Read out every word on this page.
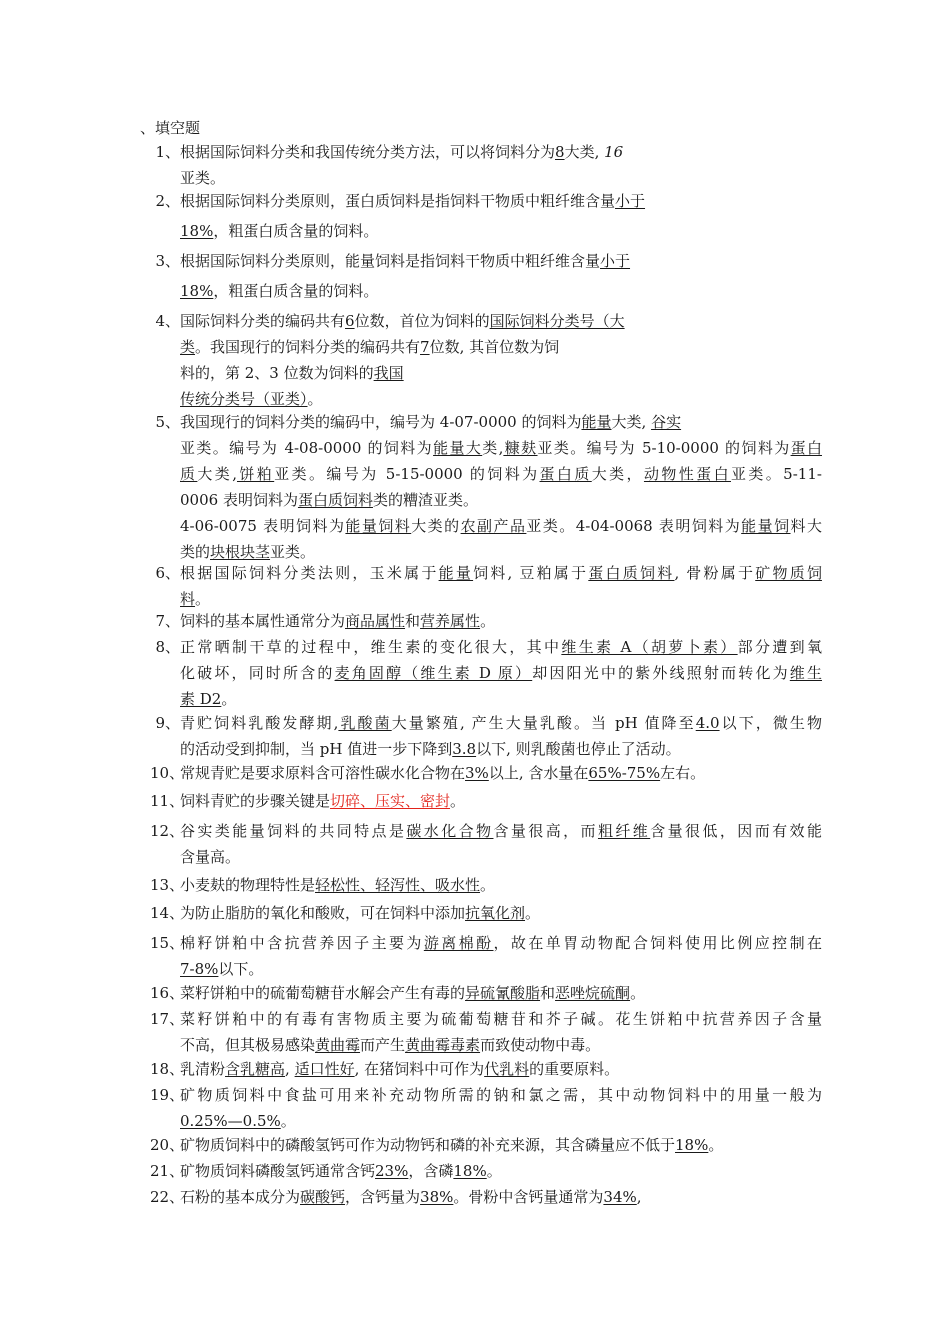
、填空题
1、 根据国际饲料分类和我国传统分类方法，可以将饲料分为8大类, 16
亚类。
2、 根据国际饲料分类原则，蛋白质饲料是指饲料干物质中粗纤维含量小于
18%，粗蛋白质含量的饲料。
3、 根据国际饲料分类原则，能量饲料是指饲料干物质中粗纤维含量小于
18%，粗蛋白质含量的饲料。
4、 国际饲料分类的编码共有6位数，首位为饲料的国际饲料分类号（大
类。我国现行的饲料分类的编码共有7位数, 其首位数为饲
料的，第 2、3 位数为饲料的我国
传统分类号（亚类）。
5、 我国现行的饲料分类的编码中，编号为 4-07-0000 的饲料为能量大类, 谷实
亚类。编号为 4-08-0000 的饲料为能量大类,糠麸亚类。编号为 5-10-0000 的饲料为蛋白
质大类,饼粕亚类。编号为 5-15-0000 的饲料为蛋白质大类，动物性蛋白亚类。5-11-
0006 表明饲料为蛋白质饲料类的糟渣亚类。
4-06-0075 表明饲料为能量饲料大类的农副产品亚类。4-04-0068 表明饲料为能量饲料大
类的块根块茎亚类。
6、 根据国际饲料分类法则，玉米属于能量饲料, 豆粕属于蛋白质饲料, 骨粉属于矿物质饲
料。
7、 饲料的基本属性通常分为商品属性和营养属性。
8、 正常晒制干草的过程中，维生素的变化很大，其中维生素 A（胡萝卜素）部分遭到氧
化破坏，同时所含的麦角固醇（维生素 D 原）却因阳光中的紫外线照射而转化为维生
素 D2。
9、 青贮饲料乳酸发酵期,乳酸菌大量繁殖, 产生大量乳酸。当 pH 值降至4.0以下，微生物
的活动受到抑制，当 pH 值进一步下降到3.8以下, 则乳酸菌也停止了活动。
10、
常规青贮是要求原料含可溶性碳水化合物在3%以上, 含水量在65%-75%左右。
11、
饲料青贮的步骤关键是切碎、压实、密封。
12、
谷实类能量饲料的共同特点是碳水化合物含量很高，而粗纤维含量很低，因而有效能
含量高。
13、
小麦麸的物理特性是轻松性、轻泻性、吸水性。
14、
为防止脂肪的氧化和酸败，可在饲料中添加抗氧化剂。
15、
棉籽饼粕中含抗营养因子主要为游离棉酚，故在单胃动物配合饲料使用比例应控制在
7-8%以下。
16、
菜籽饼粕中的硫葡萄糖苷水解会产生有毒的异硫氰酸脂和恶唑烷硫酮。
17、
菜籽饼粕中的有毒有害物质主要为硫葡萄糖苷和芥子碱。花生饼粕中抗营养因子含量
不高，但其极易感染黄曲霉而产生黄曲霉毒素而致使动物中毒。
18、
乳清粉含乳糖高, 适口性好, 在猪饲料中可作为代乳料的重要原料。
19、
矿物质饲料中食盐可用来补充动物所需的钠和氯之需，其中动物饲料中的用量一般为
0.25%—0.5%。
20、
矿物质饲料中的磷酸氢钙可作为动物钙和磷的补充来源，其含磷量应不低于18%。
21、
矿物质饲料磷酸氢钙通常含钙23%，含磷18%。
22、
石粉的基本成分为碳酸钙，含钙量为38%。骨粉中含钙量通常为34%,
